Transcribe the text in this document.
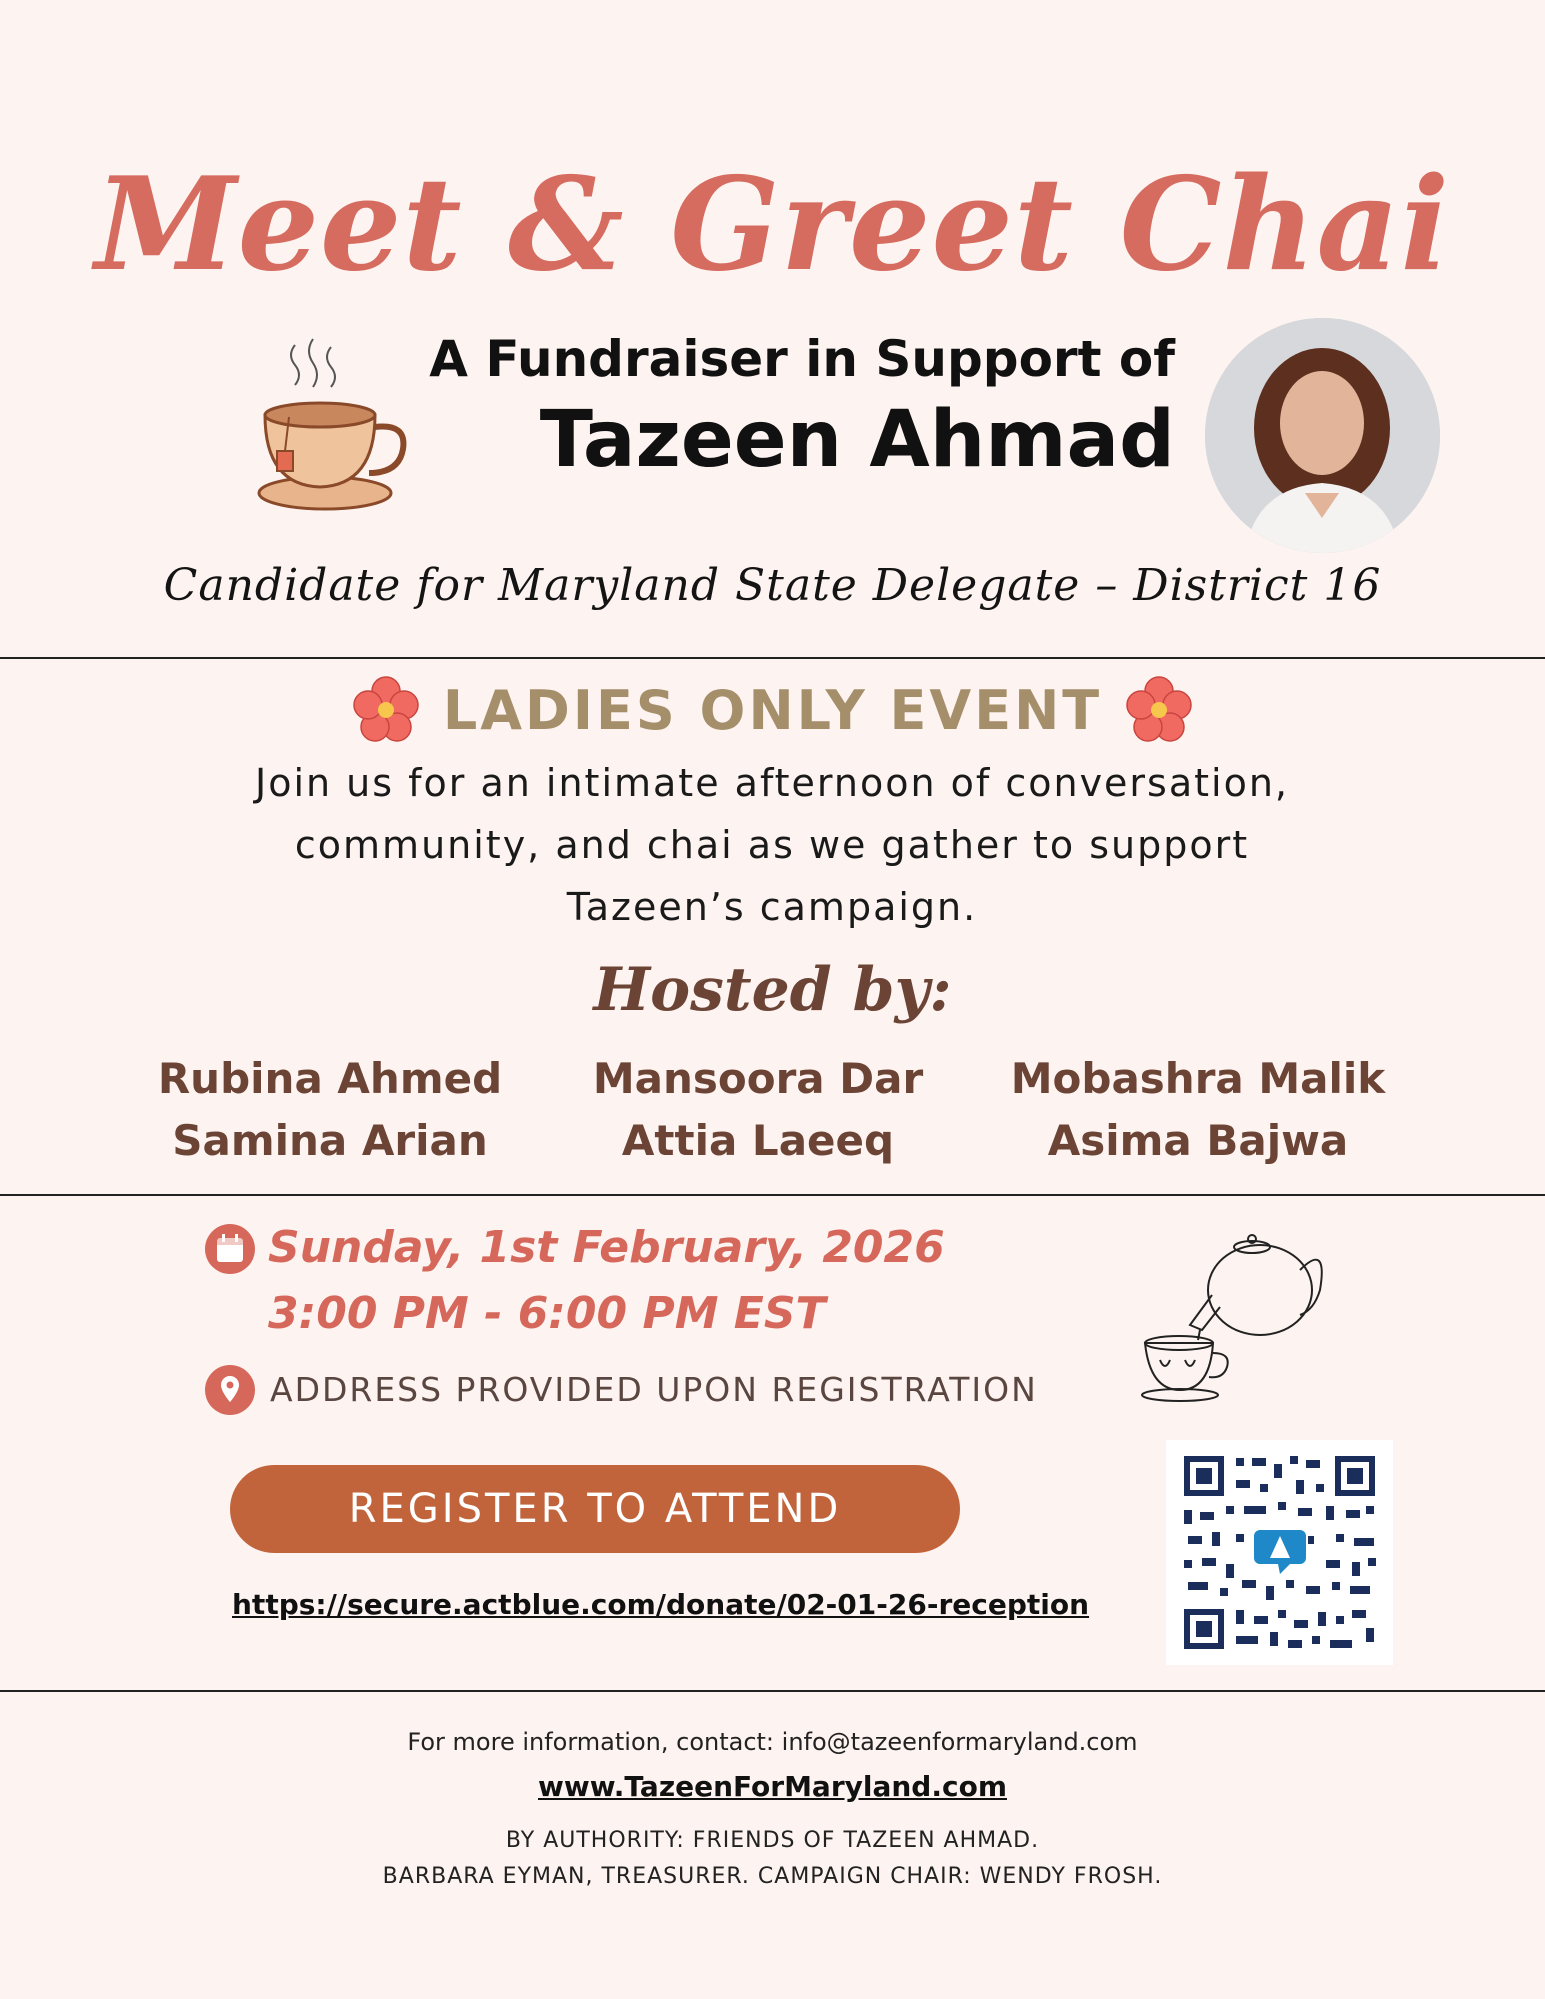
Meet & Greet Chai
A Fundraiser in Support of
Tazeen Ahmad
Candidate for Maryland State Delegate – District 16
LADIES ONLY EVENT
Join us for an intimate afternoon of conversation,
community, and chai as we gather to support
Tazeen’s campaign.
Hosted by:
Rubina Ahmed
Samina Arian
Mansoora Dar
Attia Laeeq
Mobashra Malik
Asima Bajwa
Sunday, 1st February, 2026
3:00 PM - 6:00 PM EST
ADDRESS PROVIDED UPON REGISTRATION
REGISTER TO ATTEND
https://secure.actblue.com/donate/02-01-26-reception
For more information, contact: info@tazeenformaryland.com
www.TazeenForMaryland.com
BY AUTHORITY: FRIENDS OF TAZEEN AHMAD.
BARBARA EYMAN, TREASURER. CAMPAIGN CHAIR: WENDY FROSH.
